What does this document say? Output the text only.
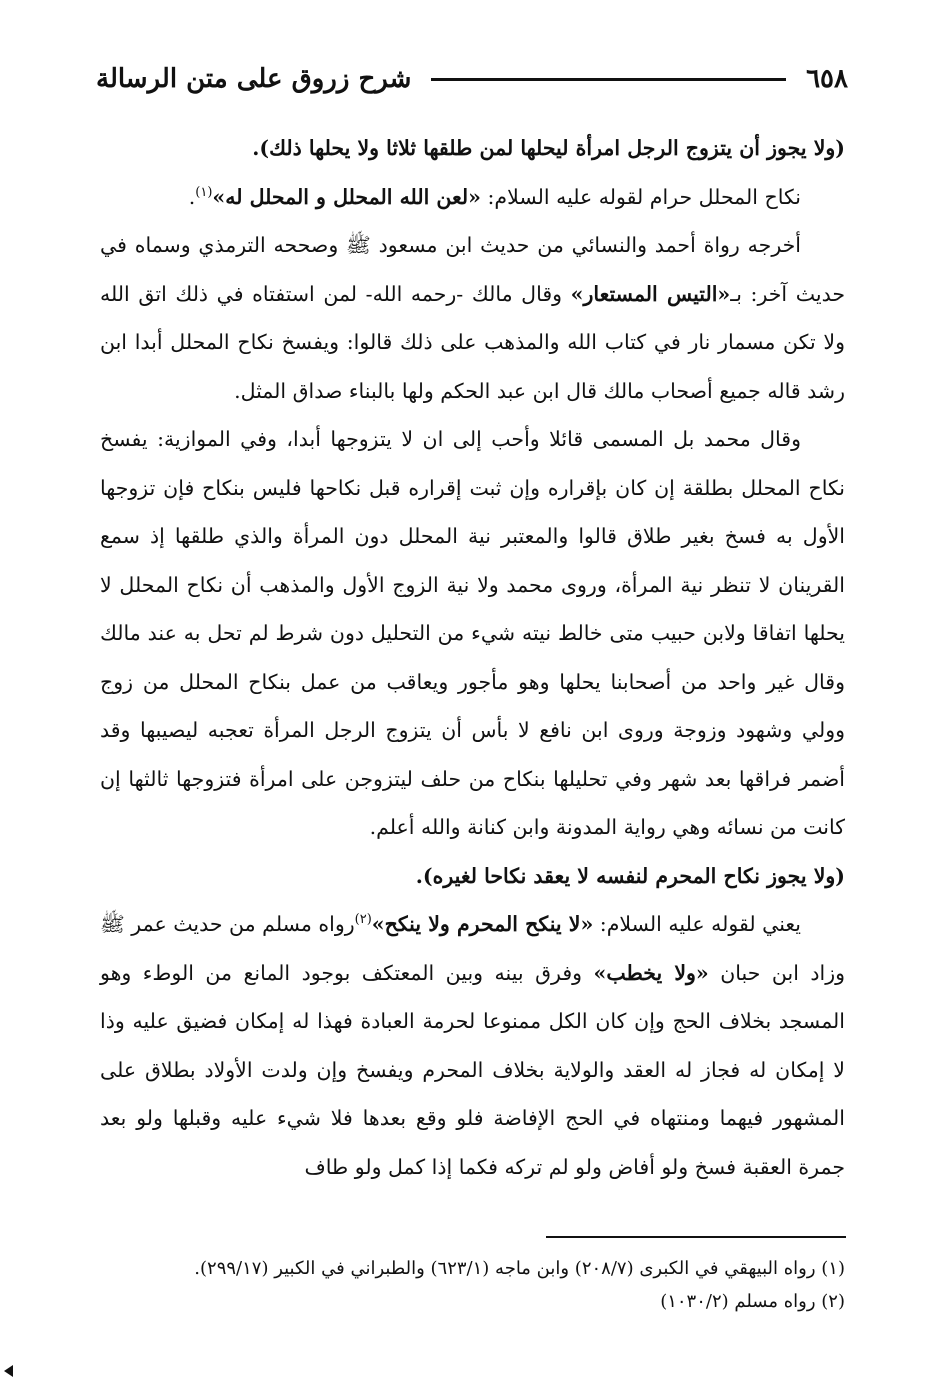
٦٥٨
شرح زروق على متن الرسالة

(ولا يجوز أن يتزوج الرجل امرأة ليحلها لمن طلقها ثلاثا ولا يحلها ذلك).

نكاح المحلل حرام لقوله عليه السلام: «لعن الله المحلل و المحلل له»$^{(١)}$.

أخرجه رواة أحمد والنسائي من حديث ابن مسعود ﷺ وصححه الترمذي وسماه في حديث آخر: بـ«التيس المستعار» وقال مالك -رحمه الله- لمن استفتاه في ذلك اتق الله ولا تكن مسمار نار في كتاب الله والمذهب على ذلك قالوا: ويفسخ نكاح المحلل أبدا ابن رشد قاله جميع أصحاب مالك قال ابن عبد الحكم ولها بالبناء صداق المثل.

وقال محمد بل المسمى قائلا وأحب إلى ان لا يتزوجها أبدا، وفي الموازية: يفسخ نكاح المحلل بطلقة إن كان بإقراره وإن ثبت إقراره قبل نكاحها فليس بنكاح فإن تزوجها الأول به فسخ بغير طلاق قالوا والمعتبر نية المحلل دون المرأة والذي طلقها إذ سمع القرينان لا تنظر نية المرأة، وروى محمد ولا نية الزوج الأول والمذهب أن نكاح المحلل لا يحلها اتفاقا ولابن حبيب متى خالط نيته شيء من التحليل دون شرط لم تحل به عند مالك وقال غير واحد من أصحابنا يحلها وهو مأجور ويعاقب من عمل بنكاح المحلل من زوج وولي وشهود وزوجة وروى ابن نافع لا بأس أن يتزوج الرجل المرأة تعجبه ليصيبها وقد أضمر فراقها بعد شهر وفي تحليلها بنكاح من حلف ليتزوجن على امرأة فتزوجها ثالثها إن كانت من نسائه وهي رواية المدونة وابن كنانة والله أعلم.

(ولا يجوز نكاح المحرم لنفسه لا يعقد نكاحا لغيره).

يعني لقوله عليه السلام: «لا ينكح المحرم ولا ينكح»$^{(٢)}$رواه مسلم من حديث عمر ﷺ وزاد ابن حبان «ولا يخطب» وفرق بينه وبين المعتكف بوجود المانع من الوطء وهو المسجد بخلاف الحج وإن كان الكل ممنوعا لحرمة العبادة فهذا له إمكان فضيق عليه وذا لا إمكان له فجاز له العقد والولاية بخلاف المحرم ويفسخ وإن ولدت الأولاد بطلاق على المشهور فيهما ومنتهاه في الحج الإفاضة فلو وقع بعدها فلا شيء عليه وقبلها ولو بعد جمرة العقبة فسخ ولو أفاض ولو لم تركه فكما إذا كمل ولو طاف

(١) رواه البيهقي في الكبرى (٢٠٨/٧) وابن ماجه (٦٢٣/١) والطبراني في الكبير (٢٩٩/١٧).

(٢) رواه مسلم (١٠٣٠/٢)
